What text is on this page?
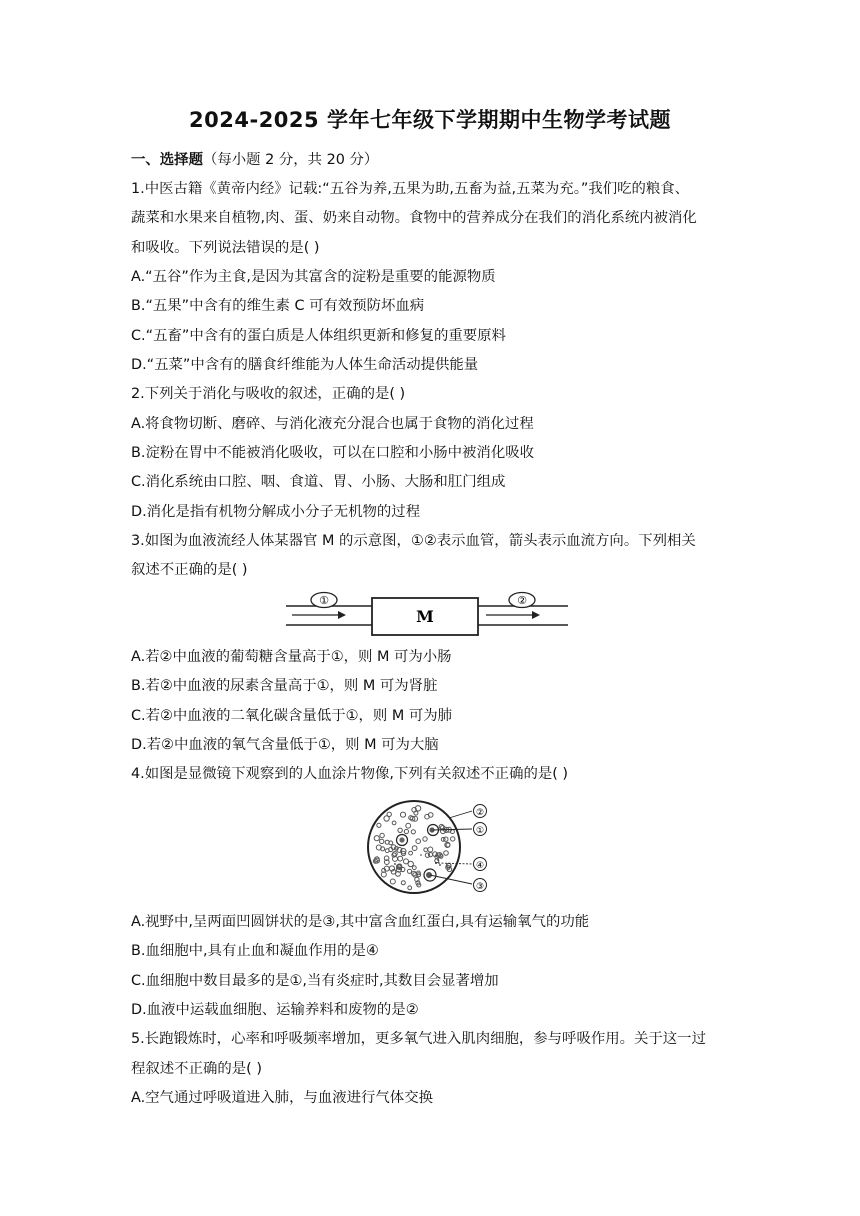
2024-2025 学年七年级下学期期中生物学考试题
一、选择题（每小题 2 分，共 20 分）
1.中医古籍《黄帝内经》记载:“五谷为养,五果为助,五畜为益,五菜为充。”我们吃的粮食、
蔬菜和水果来自植物,肉、蛋、奶来自动物。食物中的营养成分在我们的消化系统内被消化
和吸收。下列说法错误的是( )
A.“五谷”作为主食,是因为其富含的淀粉是重要的能源物质
B.“五果”中含有的维生素 C 可有效预防坏血病
C.“五畜”中含有的蛋白质是人体组织更新和修复的重要原料
D.“五菜”中含有的膳食纤维能为人体生命活动提供能量
2.下列关于消化与吸收的叙述，正确的是( )
A.将食物切断、磨碎、与消化液充分混合也属于食物的消化过程
B.淀粉在胃中不能被消化吸收，可以在口腔和小肠中被消化吸收
C.消化系统由口腔、咽、食道、胃、小肠、大肠和肛门组成
D.消化是指有机物分解成小分子无机物的过程
3.如图为血液流经人体某器官 M 的示意图，①②表示血管，箭头表示血流方向。下列相关
叙述不正确的是( )
①
M
②
A.若②中血液的葡萄糖含量高于①，则 M 可为小肠
B.若②中血液的尿素含量高于①，则 M 可为肾脏
C.若②中血液的二氧化碳含量低于①，则 M 可为肺
D.若②中血液的氧气含量低于①，则 M 可为大脑
4.如图是显微镜下观察到的人血涂片物像,下列有关叙述不正确的是( )
②
①
④
③
A.视野中,呈两面凹圆饼状的是③,其中富含血红蛋白,具有运输氧气的功能
B.血细胞中,具有止血和凝血作用的是④
C.血细胞中数目最多的是①,当有炎症时,其数目会显著增加
D.血液中运载血细胞、运输养料和废物的是②
5.长跑锻炼时，心率和呼吸频率增加，更多氧气进入肌肉细胞，参与呼吸作用。关于这一过
程叙述不正确的是( )
A.空气通过呼吸道进入肺，与血液进行气体交换
